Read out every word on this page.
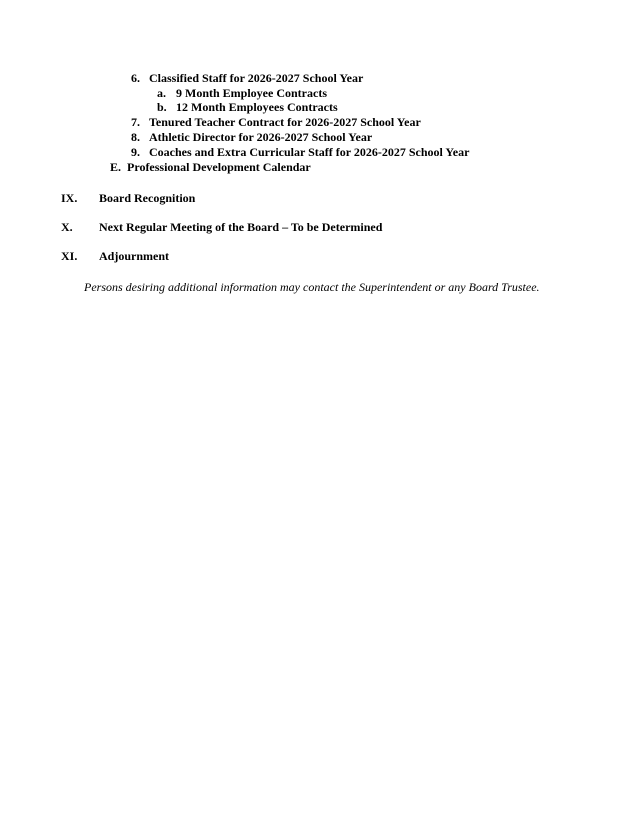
6. Classified Staff for 2026-2027 School Year
a. 9 Month Employee Contracts
b. 12 Month Employees Contracts
7. Tenured Teacher Contract for 2026-2027 School Year
8. Athletic Director for 2026-2027 School Year
9. Coaches and Extra Curricular Staff for 2026-2027 School Year
E. Professional Development Calendar
IX. Board Recognition
X. Next Regular Meeting of the Board – To be Determined
XI. Adjournment
Persons desiring additional information may contact the Superintendent or any Board Trustee.
